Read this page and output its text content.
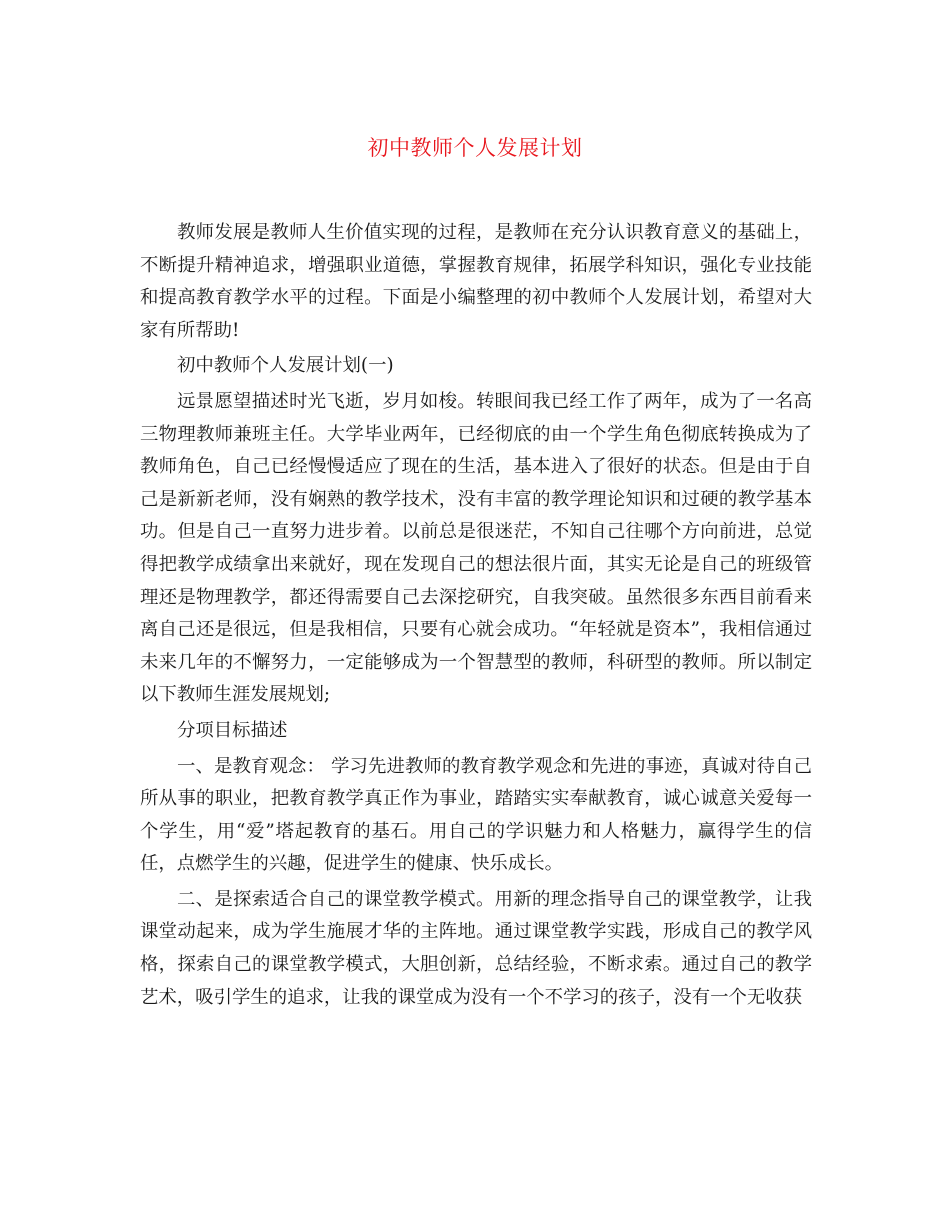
初中教师个人发展计划

教师发展是教师人生价值实现的过程，是教师在充分认识教育意义的基础上，不断提升精神追求，增强职业道德，掌握教育规律，拓展学科知识，强化专业技能和提高教育教学水平的过程。下面是小编整理的初中教师个人发展计划，希望对大家有所帮助!

初中教师个人发展计划(一)

远景愿望描述时光飞逝，岁月如梭。转眼间我已经工作了两年，成为了一名高三物理教师兼班主任。大学毕业两年，已经彻底的由一个学生角色彻底转换成为了教师角色，自己已经慢慢适应了现在的生活，基本进入了很好的状态。但是由于自己是新新老师，没有娴熟的教学技术，没有丰富的教学理论知识和过硬的教学基本功。但是自己一直努力进步着。以前总是很迷茫，不知自己往哪个方向前进，总觉得把教学成绩拿出来就好，现在发现自己的想法很片面，其实无论是自己的班级管理还是物理教学，都还得需要自己去深挖研究，自我突破。虽然很多东西目前看来离自己还是很远，但是我相信，只要有心就会成功。“年轻就是资本”，我相信通过未来几年的不懈努力，一定能够成为一个智慧型的教师，科研型的教师。所以制定以下教师生涯发展规划;

分项目标描述

一、是教育观念： 学习先进教师的教育教学观念和先进的事迹，真诚对待自己所从事的职业，把教育教学真正作为事业，踏踏实实奉献教育，诚心诚意关爱每一个学生，用“爱”塔起教育的基石。用自己的学识魅力和人格魅力，赢得学生的信任，点燃学生的兴趣，促进学生的健康、快乐成长。

二、是探索适合自己的课堂教学模式。用新的理念指导自己的课堂教学，让我课堂动起来，成为学生施展才华的主阵地。通过课堂教学实践，形成自己的教学风格，探索自己的课堂教学模式，大胆创新，总结经验，不断求索。通过自己的教学艺术，吸引学生的追求，让我的课堂成为没有一个不学习的孩子，没有一个无收获
